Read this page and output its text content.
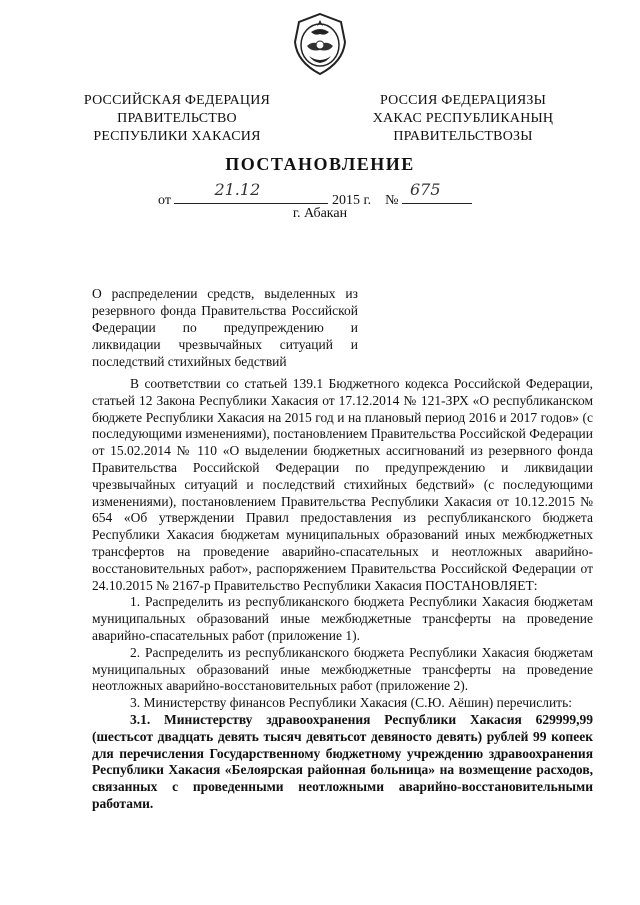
РОССИЙСКАЯ ФЕДЕРАЦИЯ
ПРАВИТЕЛЬСТВО
РЕСПУБЛИКИ ХАКАСИЯ
РОССИЯ ФЕДЕРАЦИЯЗЫ
ХАКАС РЕСПУБЛИКАНЫҢ
ПРАВИТЕЛЬСТВОЗЫ
ПОСТАНОВЛЕНИЕ
от
21.12
2015 г. №
675
г. Абакан
О распределении средств, выделенных из резервного фонда Правительства Российской Федерации по предупреждению и ликвидации чрезвычайных ситуаций и последствий стихийных бедствий

В соответствии со статьей 139.1 Бюджетного кодекса Российской Федерации, статьей 12 Закона Республики Хакасия от 17.12.2014 № 121-ЗРХ «О республиканском бюджете Республики Хакасия на 2015 год и на плановый период 2016 и 2017 годов» (с последующими изменениями), постановлением Правительства Российской Федерации от 15.02.2014 № 110 «О выделении бюджетных ассигнований из резервного фонда Правительства Российской Федерации по предупреждению и ликвидации чрезвычайных ситуаций и последствий стихийных бедствий» (с последующими изменениями), постановлением Правительства Республики Хакасия от 10.12.2015 № 654 «Об утверждении Правил предоставления из республиканского бюджета Республики Хакасия бюджетам муниципальных образований иных межбюджетных трансфертов на проведение аварийно-спасательных и неотложных аварийно-восстановительных работ», распоряжением Правительства Российской Федерации от 24.10.2015 № 2167-р Правительство Республики Хакасия ПОСТАНОВЛЯЕТ:

1. Распределить из республиканского бюджета Республики Хакасия бюджетам муниципальных образований иные межбюджетные трансферты на проведение аварийно-спасательных работ (приложение 1).

2. Распределить из республиканского бюджета Республики Хакасия бюджетам муниципальных образований иные межбюджетные трансферты на проведение неотложных аварийно-восстановительных работ (приложение 2).

3. Министерству финансов Республики Хакасия (С.Ю. Аёшин) перечислить:

3.1. Министерству здравоохранения Республики Хакасия 629999,99 (шестьсот двадцать девять тысяч девятьсот девяносто девять) рублей 99 копеек для перечисления Государственному бюджетному учреждению здравоохранения Республики Хакасия «Белоярская районная больница» на возмещение расходов, связанных с проведенными неотложными аварийно-восстановительными работами.
